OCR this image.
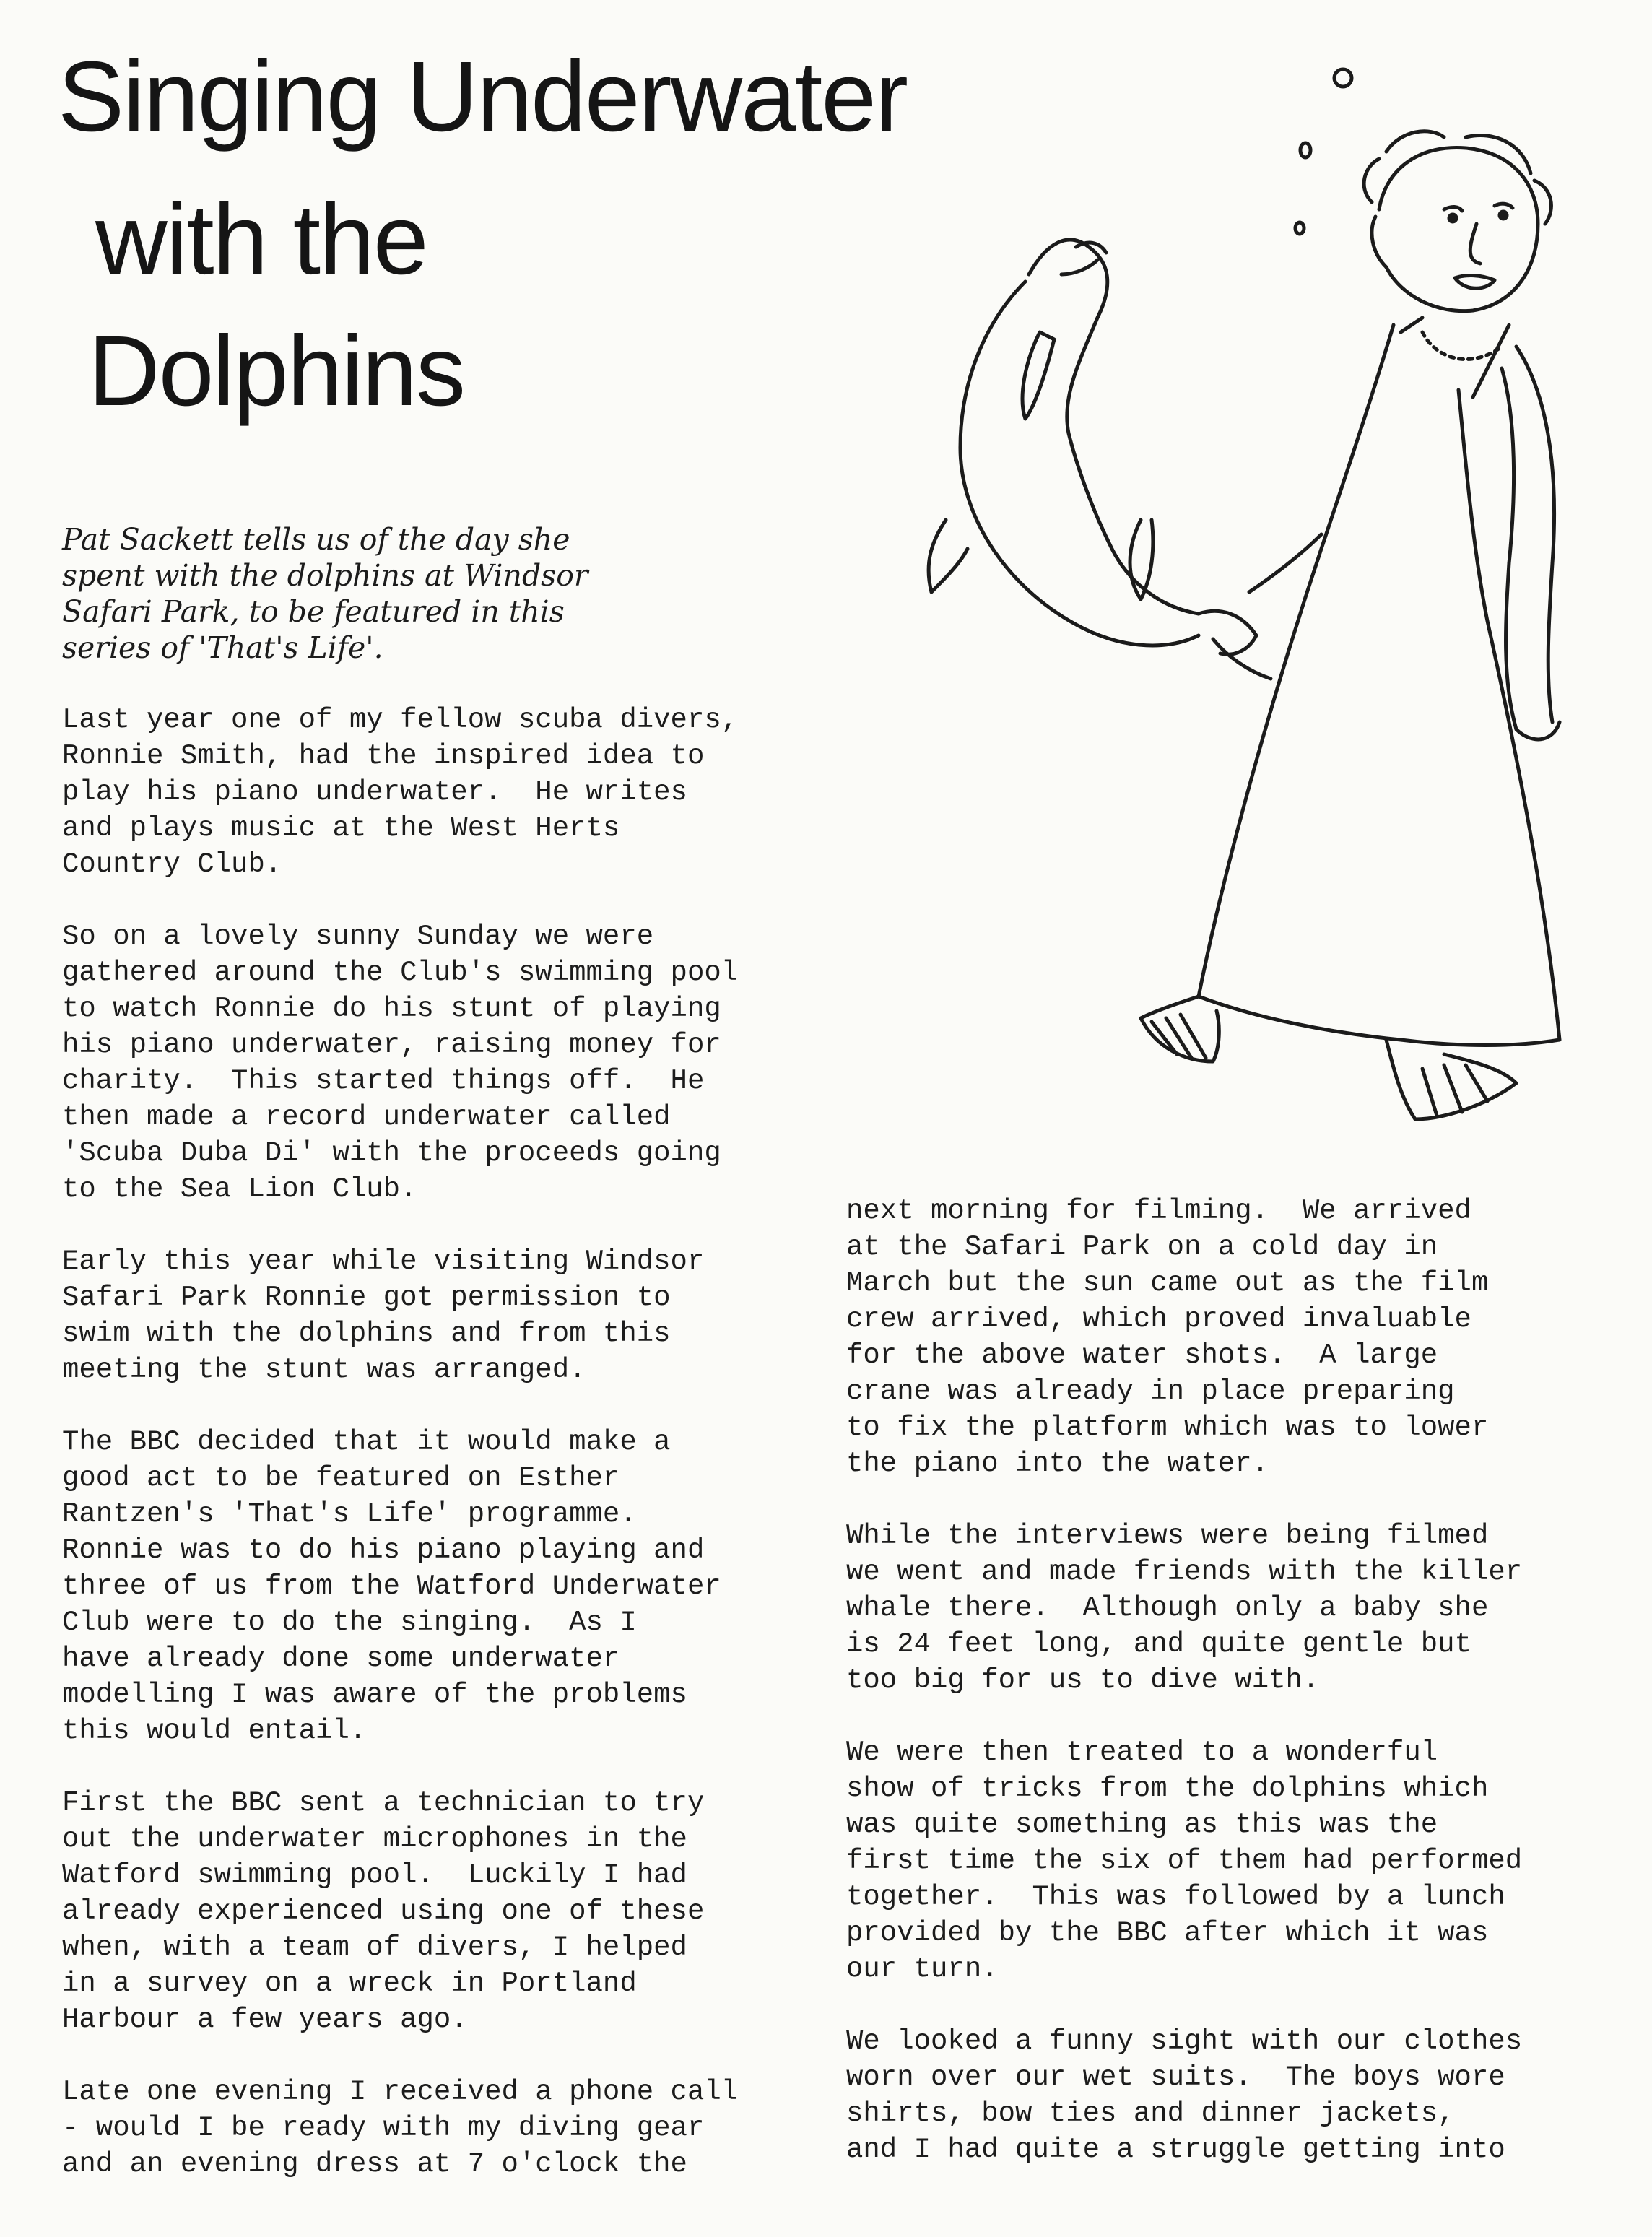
Singing Underwater
with the
Dolphins

Pat Sackett tells us of the day she
spent with the dolphins at Windsor
Safari Park, to be featured in this
series of 'That's Life'.

Last year one of my fellow scuba divers,
Ronnie Smith, had the inspired idea to
play his piano underwater.  He writes
and plays music at the West Herts
Country Club.

So on a lovely sunny Sunday we were
gathered around the Club's swimming pool
to watch Ronnie do his stunt of playing
his piano underwater, raising money for
charity.  This started things off.  He
then made a record underwater called
'Scuba Duba Di' with the proceeds going
to the Sea Lion Club.

Early this year while visiting Windsor
Safari Park Ronnie got permission to
swim with the dolphins and from this
meeting the stunt was arranged.

The BBC decided that it would make a
good act to be featured on Esther
Rantzen's 'That's Life' programme.
Ronnie was to do his piano playing and
three of us from the Watford Underwater
Club were to do the singing.  As I
have already done some underwater
modelling I was aware of the problems
this would entail.

First the BBC sent a technician to try
out the underwater microphones in the
Watford swimming pool.  Luckily I had
already experienced using one of these
when, with a team of divers, I helped
in a survey on a wreck in Portland
Harbour a few years ago.

Late one evening I received a phone call
- would I be ready with my diving gear
and an evening dress at 7 o'clock the

next morning for filming.  We arrived
at the Safari Park on a cold day in
March but the sun came out as the film
crew arrived, which proved invaluable
for the above water shots.  A large
crane was already in place preparing
to fix the platform which was to lower
the piano into the water.

While the interviews were being filmed
we went and made friends with the killer
whale there.  Although only a baby she
is 24 feet long, and quite gentle but
too big for us to dive with.

We were then treated to a wonderful
show of tricks from the dolphins which
was quite something as this was the
first time the six of them had performed
together.  This was followed by a lunch
provided by the BBC after which it was
our turn.

We looked a funny sight with our clothes
worn over our wet suits.  The boys wore
shirts, bow ties and dinner jackets,
and I had quite a struggle getting into
